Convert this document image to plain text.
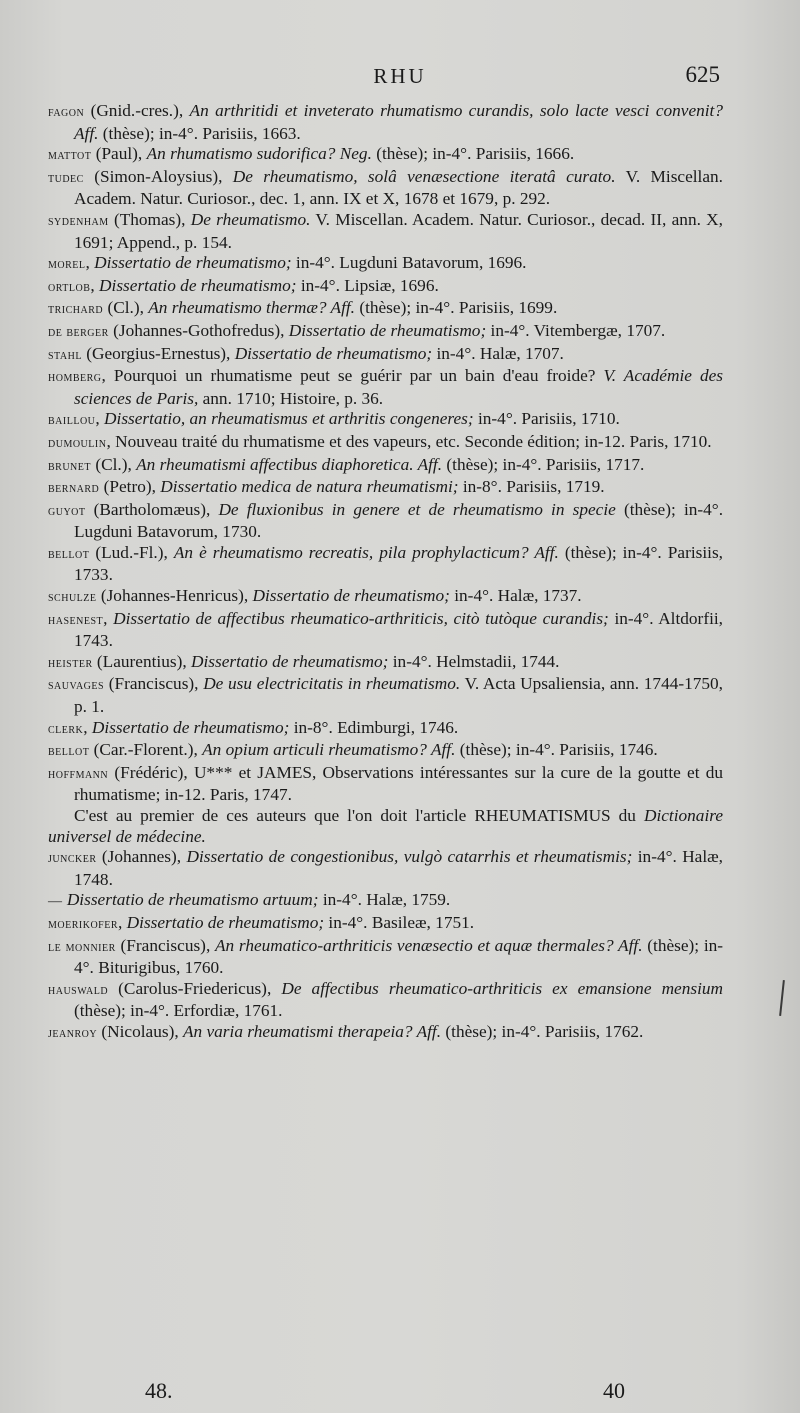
RHU	625

fagon (Gnid.-cres.), An arthritidi et inveterato rhumatismo curandis, solo lacte vesci convenit? Aff. (thèse); in-4°. Parisiis, 1663.

mattot (Paul), An rhumatismo sudorifica? Neg. (thèse); in-4°. Parisiis, 1666.

tudec (Simon-Aloysius), De rheumatismo, solâ venæsectione iteratâ curato. V. Miscellan. Academ. Natur. Curiosor., dec. 1, ann. IX et X, 1678 et 1679, p. 292.

sydenham (Thomas), De rheumatismo. V. Miscellan. Academ. Natur. Curiosor., decad. II, ann. X, 1691; Append., p. 154.

morel, Dissertatio de rheumatismo; in-4°. Lugduni Batavorum, 1696.

ortlob, Dissertatio de rheumatismo; in-4°. Lipsiæ, 1696.

trichard (Cl.), An rheumatismo thermæ? Aff. (thèse); in-4°. Parisiis, 1699.

de berger (Johannes-Gothofredus), Dissertatio de rheumatismo; in-4°. Vitembergæ, 1707.

stahl (Georgius-Ernestus), Dissertatio de rheumatismo; in-4°. Halæ, 1707.

homberg, Pourquoi un rhumatisme peut se guérir par un bain d'eau froide? V. Académie des sciences de Paris, ann. 1710; Histoire, p. 36.

baillou, Dissertatio, an rheumatismus et arthritis congeneres; in-4°. Parisiis, 1710.

dumoulin, Nouveau traité du rhumatisme et des vapeurs, etc. Seconde édition; in-12. Paris, 1710.

brunet (Cl.), An rheumatismi affectibus diaphoretica. Aff. (thèse); in-4°. Parisiis, 1717.

bernard (Petro), Dissertatio medica de natura rheumatismi; in-8°. Parisiis, 1719.

guyot (Bartholomæus), De fluxionibus in genere et de rheumatismo in specie (thèse); in-4°. Lugduni Batavorum, 1730.

bellot (Lud.-Fl.), An è rheumatismo recreatis, pila prophylacticum? Aff. (thèse); in-4°. Parisiis, 1733.

schulze (Johannes-Henricus), Dissertatio de rheumatismo; in-4°. Halæ, 1737.

hasenest, Dissertatio de affectibus rheumatico-arthriticis, citò tutòque curandis; in-4°. Altdorfii, 1743.

heister (Laurentius), Dissertatio de rheumatismo; in-4°. Helmstadii, 1744.

sauvages (Franciscus), De usu electricitatis in rheumatismo. V. Acta Upsaliensia, ann. 1744-1750, p. 1.

clerk, Dissertatio de rheumatismo; in-8°. Edimburgi, 1746.

bellot (Car.-Florent.), An opium articuli rheumatismo? Aff. (thèse); in-4°. Parisiis, 1746.

hoffmann (Frédéric), U*** et JAMES, Observations intéressantes sur la cure de la goutte et du rhumatisme; in-12. Paris, 1747.

C'est au premier de ces auteurs que l'on doit l'article RHEUMATISMUS du Dictionaire universel de médecine.

juncker (Johannes), Dissertatio de congestionibus, vulgò catarrhis et rheumatismis; in-4°. Halæ, 1748.

— Dissertatio de rheumatismo artuum; in-4°. Halæ, 1759.

moerikofer, Dissertatio de rheumatismo; in-4°. Basileæ, 1751.

le monnier (Franciscus), An rheumatico-arthriticis venæsectio et aquæ thermales? Aff. (thèse); in-4°. Biturigibus, 1760.

hauswald (Carolus-Friedericus), De affectibus rheumatico-arthriticis ex emansione mensium (thèse); in-4°. Erfordiæ, 1761.

jeanroy (Nicolaus), An varia rheumatismi therapeia? Aff. (thèse); in-4°. Parisiis, 1762.

48.	40
